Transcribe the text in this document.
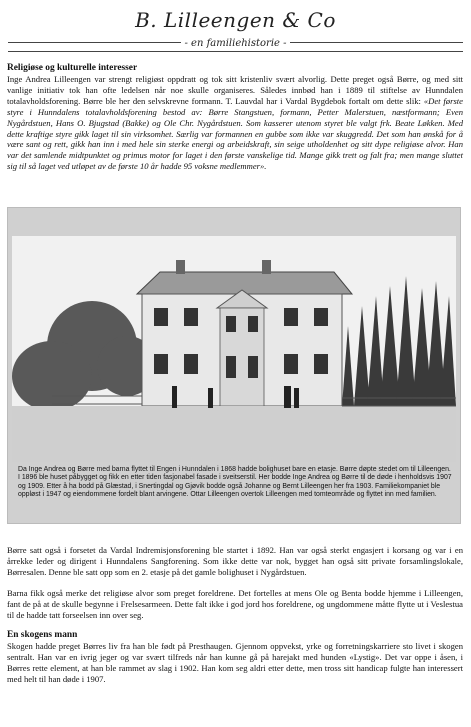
B. Lilleengen & Co
- en familiehistorie -
Religiøse og kulturelle interesser

Inge Andrea Lilleengen var strengt religiøst oppdratt og tok sitt kristenliv svært alvorlig. Dette preget også Børre, og med sitt vanlige initiativ tok han ofte ledelsen når noe skulle organiseres. Således innbød han i 1889 til stiftelse av Hunndalen totalavholdsforening. Børre ble her den selvskrevne formann. T. Lauvdal har i Vardal Bygdebok fortalt om dette slik: «Det første styre i Hunndalens totalavholdsforening bestod av: Børre Stangstuen, formann, Petter Malerstuen, næstformann; Even Nygårdstuen, Hans O. Bjugstad (Bakke) og Ole Chr. Nygårdstuen. Som kasserer utenom styret ble valgt frk. Beate Løkken. Med dette kraftige styre gikk laget til sin virksomhet. Særlig var formannen en gubbe som ikke var skuggredd. Det som han ønskå for å være sant og rett, gikk han inn i med hele sin sterke energi og arbeidskraft, sin seige utholdenhet og sitt dype religiøse alvor. Han var det samlende midtpunktet og primus motor for laget i den første vanskelige tid. Mange gikk trett og falt fra; men mange sluttet sig til så laget ved utløpet av de første 10 år hadde 95 voksne medlemmer».

Da Inge Andrea og Børre med barna flyttet til Engen i Hunndalen i 1868 hadde bolighuset bare en etasje. Børre døpte stedet om til Lilleengen. I 1896 ble huset påbygget og fikk en etter tiden fasjonabel fasade i sveitserstil. Her bodde Inge Andrea og Børre til de døde i henholdsvis 1907 og 1909. Etter å ha bodd på Glæstad, i Snertingdal og Gjøvik bodde også Johanne og Bernt Lilleengen her fra 1903. Familiekompaniet ble oppløst i 1947 og eiendommene fordelt blant arvingene. Ottar Lilleengen overtok Lilleengen med tomteområde og flyttet inn med familien.

Børre satt også i forsetet da Vardal Indremisjonsforening ble startet i 1892. Han var også sterkt engasjert i korsang og var i en årrekke leder og dirigent i Hunndalens Sangforening. Som ikke dette var nok, bygget han også sitt private forsamlingslokale, Børresalen. Denne ble satt opp som en 2. etasje på det gamle bolighuset i Nygårdstuen.

Barna fikk også merke det religiøse alvor som preget foreldrene. Det fortelles at mens Ole og Benta bodde hjemme i Lilleengen, fant de på at de skulle begynne i Frelsesarmeen. Dette falt ikke i god jord hos foreldrene, og ungdommene måtte flytte ut i Veslestua til de hadde tatt forseelsen inn over seg.

En skogens mann

Skogen hadde preget Børres liv fra han ble født på Presthaugen. Gjennom oppvekst, yrke og forretningskarriere sto livet i skogen sentralt. Han var en ivrig jeger og var svært tilfreds når han kunne gå på harejakt med hunden «Lystig». Det var oppe i åsen, i Børres rette element, at han ble rammet av slag i 1902. Han kom seg aldri etter dette, men tross sitt handicap fulgte han interessert med helt til han døde i 1907.
